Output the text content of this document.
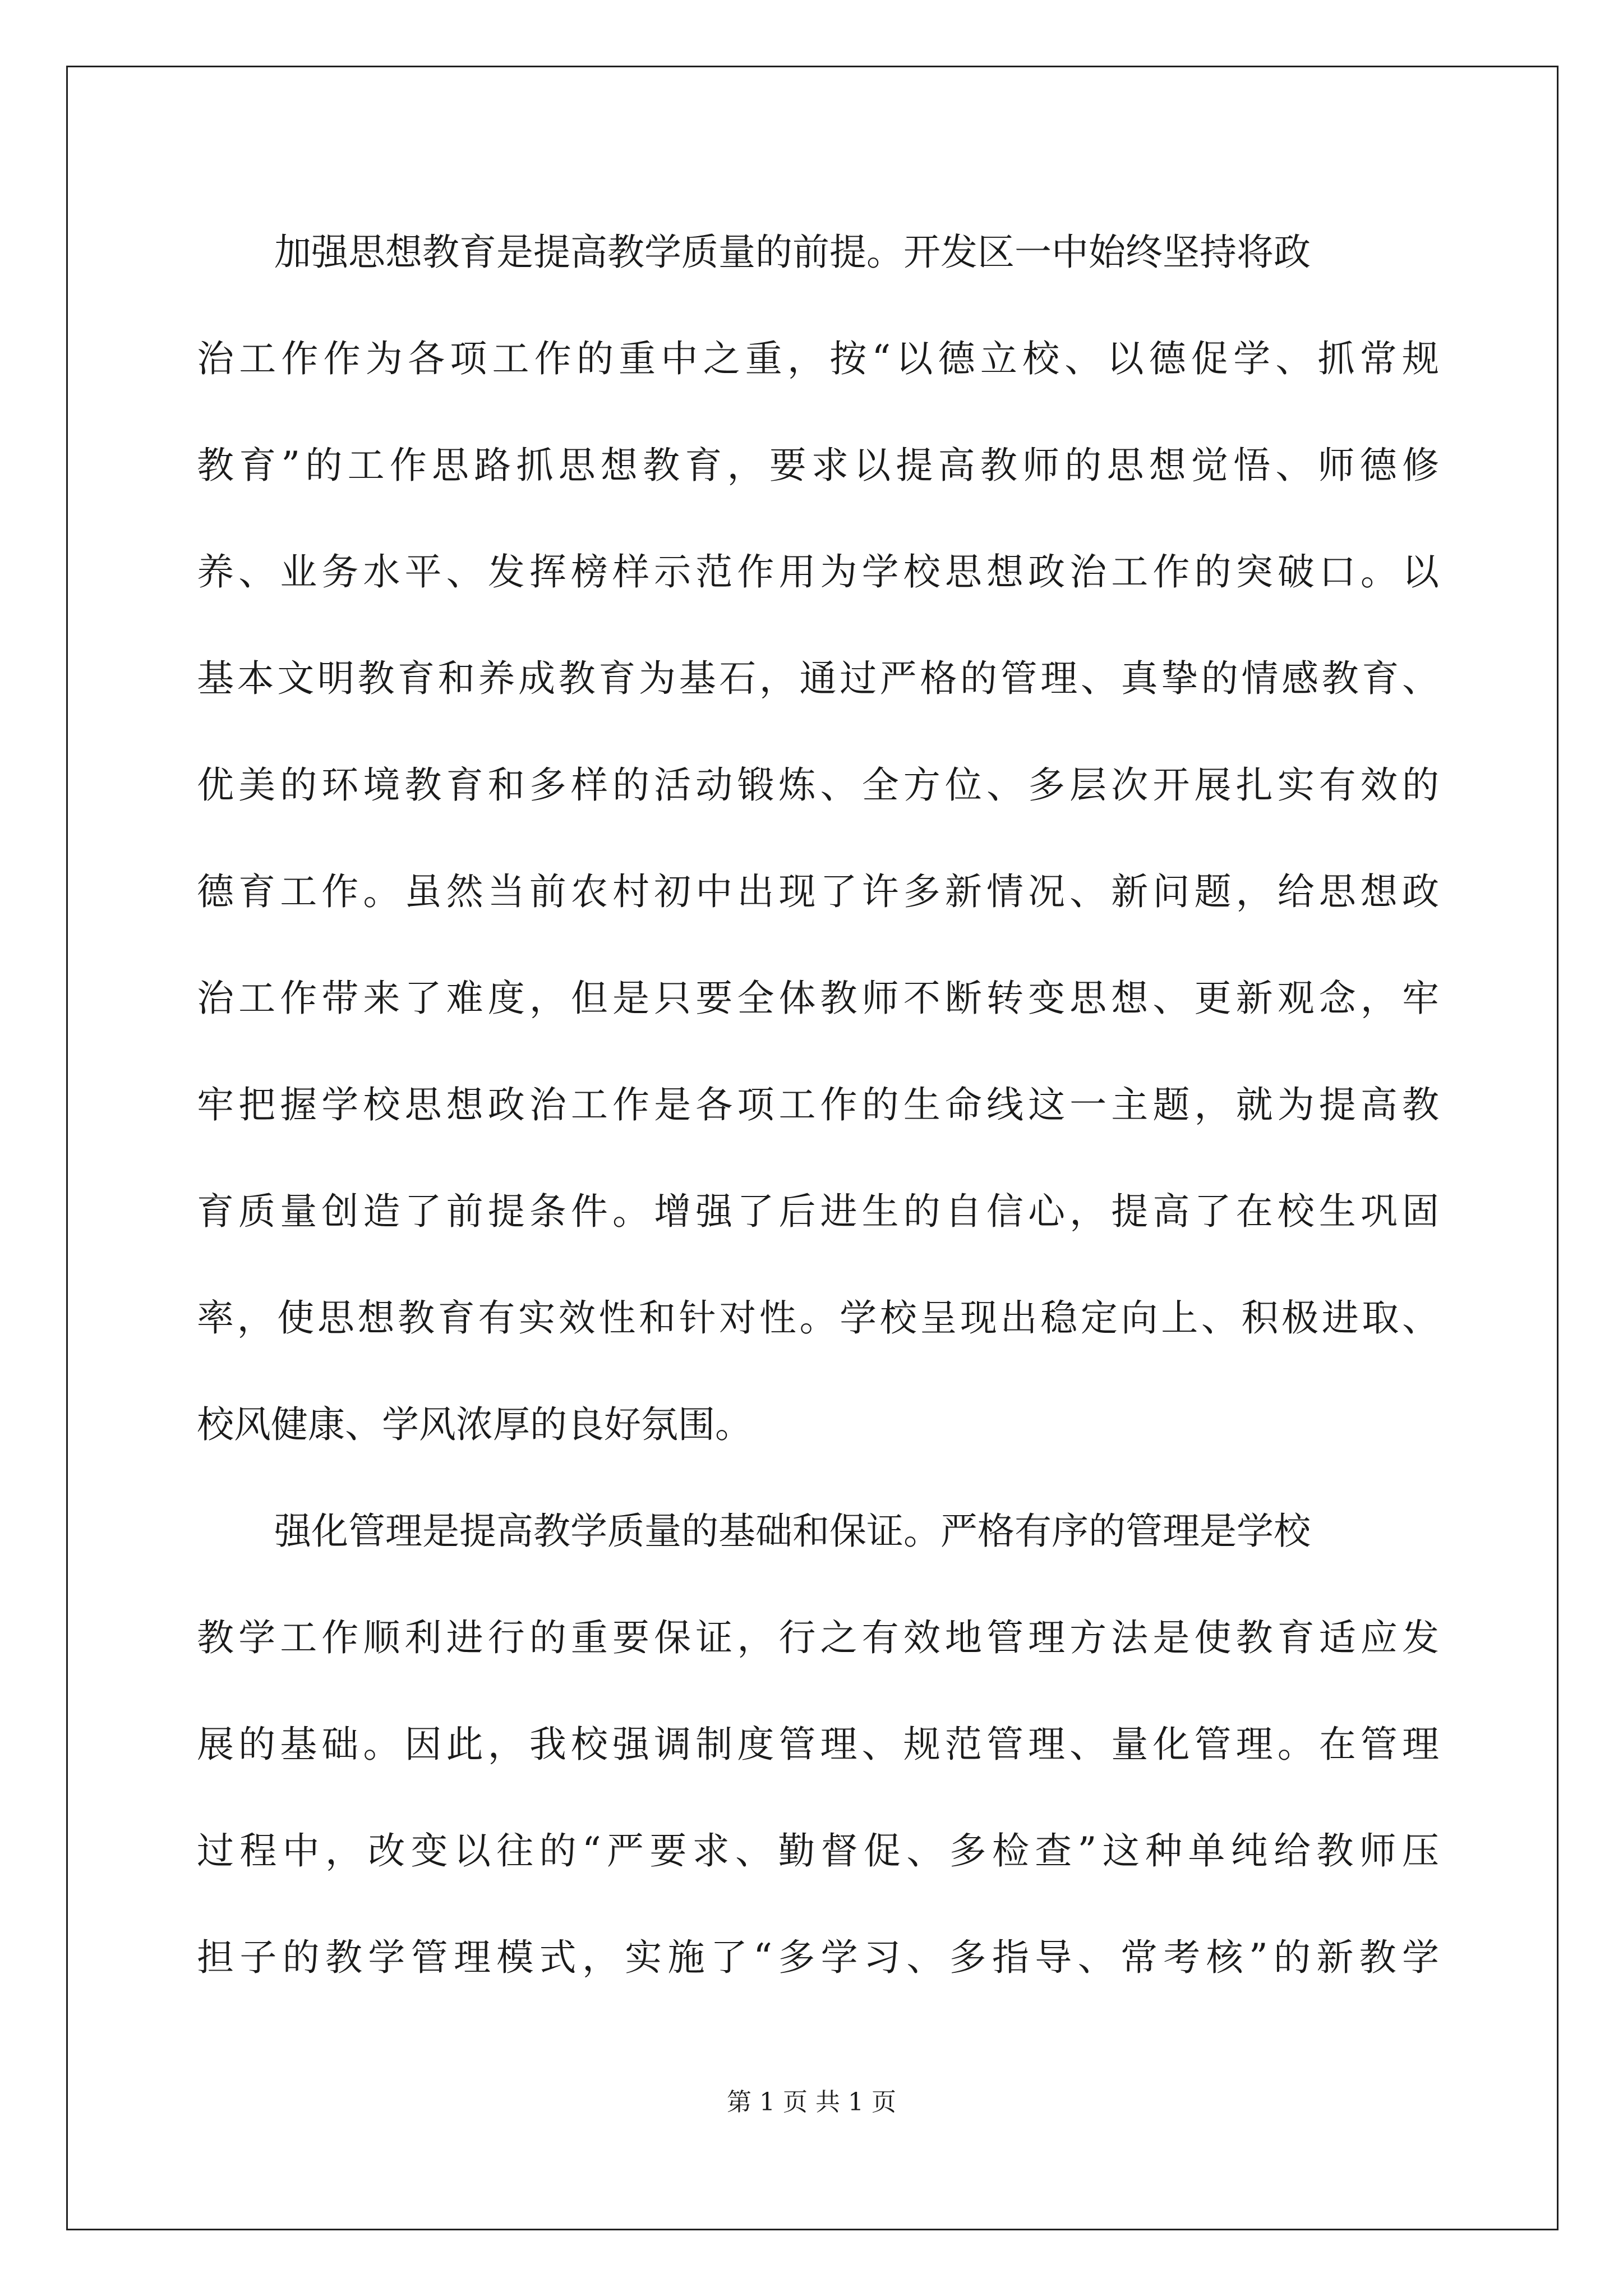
加强思想教育是提高教学质量的前提。开发区一中始终坚持将政
治工作作为各项工作的重中之重，按“以德立校、以德促学、抓常规
教育”的工作思路抓思想教育，要求以提高教师的思想觉悟、师德修
养、业务水平、发挥榜样示范作用为学校思想政治工作的突破口。以
基本文明教育和养成教育为基石，通过严格的管理、真挚的情感教育、
优美的环境教育和多样的活动锻炼、全方位、多层次开展扎实有效的
德育工作。虽然当前农村初中出现了许多新情况、新问题，给思想政
治工作带来了难度，但是只要全体教师不断转变思想、更新观念，牢
牢把握学校思想政治工作是各项工作的生命线这一主题，就为提高教
育质量创造了前提条件。增强了后进生的自信心，提高了在校生巩固
率，使思想教育有实效性和针对性。学校呈现出稳定向上、积极进取、
校风健康、学风浓厚的良好氛围。
强化管理是提高教学质量的基础和保证。严格有序的管理是学校
教学工作顺利进行的重要保证，行之有效地管理方法是使教育适应发
展的基础。因此，我校强调制度管理、规范管理、量化管理。在管理
过程中，改变以往的“严要求、勤督促、多检查”这种单纯给教师压
担子的教学管理模式，实施了“多学习、多指导、常考核”的新教学
第 1 页 共 1 页
